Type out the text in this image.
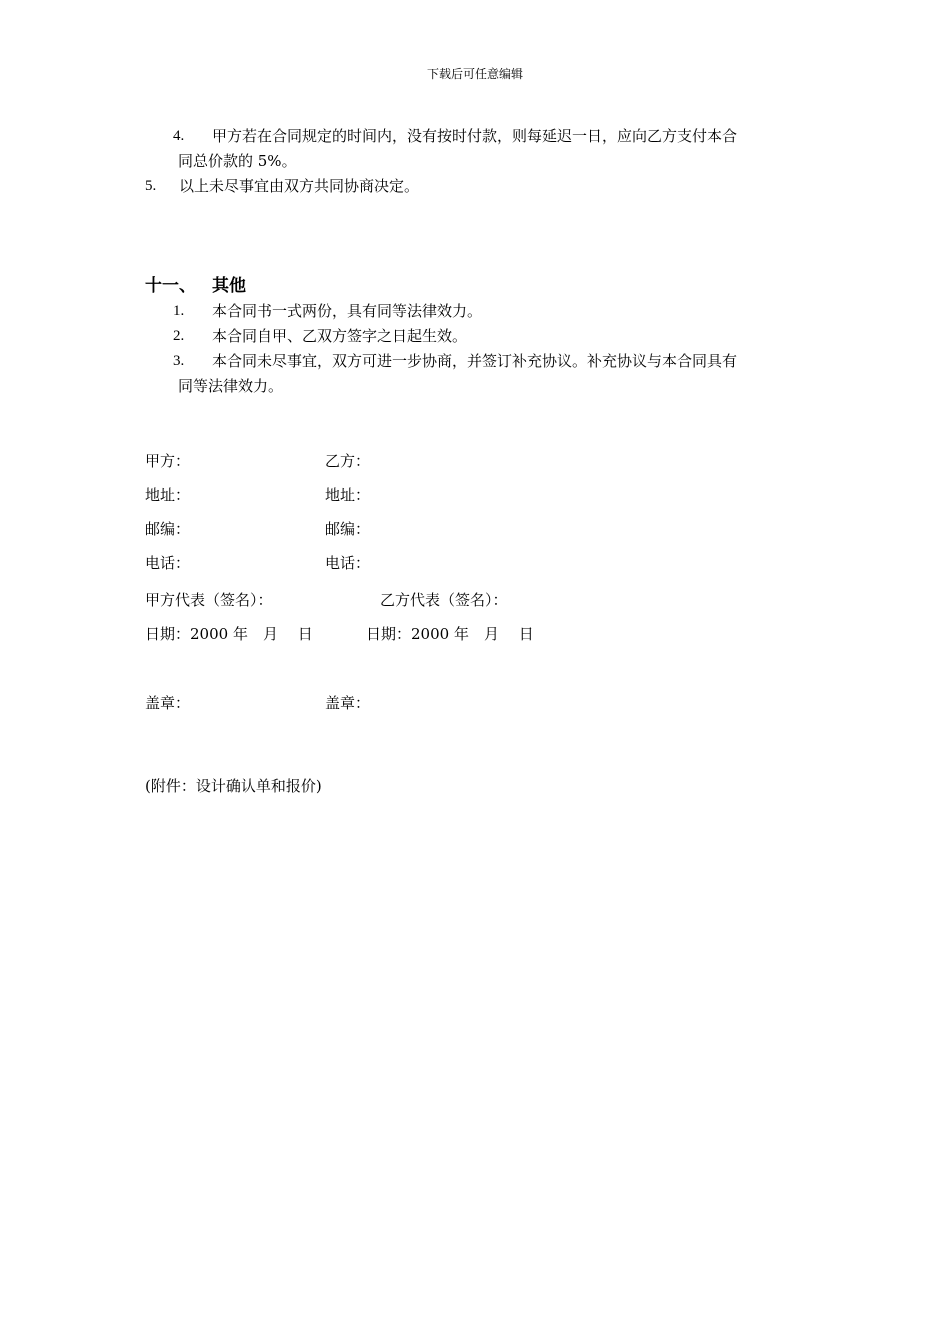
下载后可任意编辑
4. 甲方若在合同规定的时间内，没有按时付款，则每延迟一日，应向乙方支付本合
同总价款的 5%。
5. 以上未尽事宜由双方共同协商决定。
十一、 其他
1. 本合同书一式两份，具有同等法律效力。
2. 本合同自甲、乙双方签字之日起生效。
3. 本合同未尽事宜，双方可进一步协商，并签订补充协议。补充协议与本合同具有
同等法律效力。
甲方：	乙方：
地址：	地址：
邮编：	邮编：
电话：	电话：
甲方代表（签名）：	乙方代表（签名）：
日期：2000 年　月　 日	日期：2000 年　月　 日
盖章：	盖章：
(附件：设计确认单和报价)
